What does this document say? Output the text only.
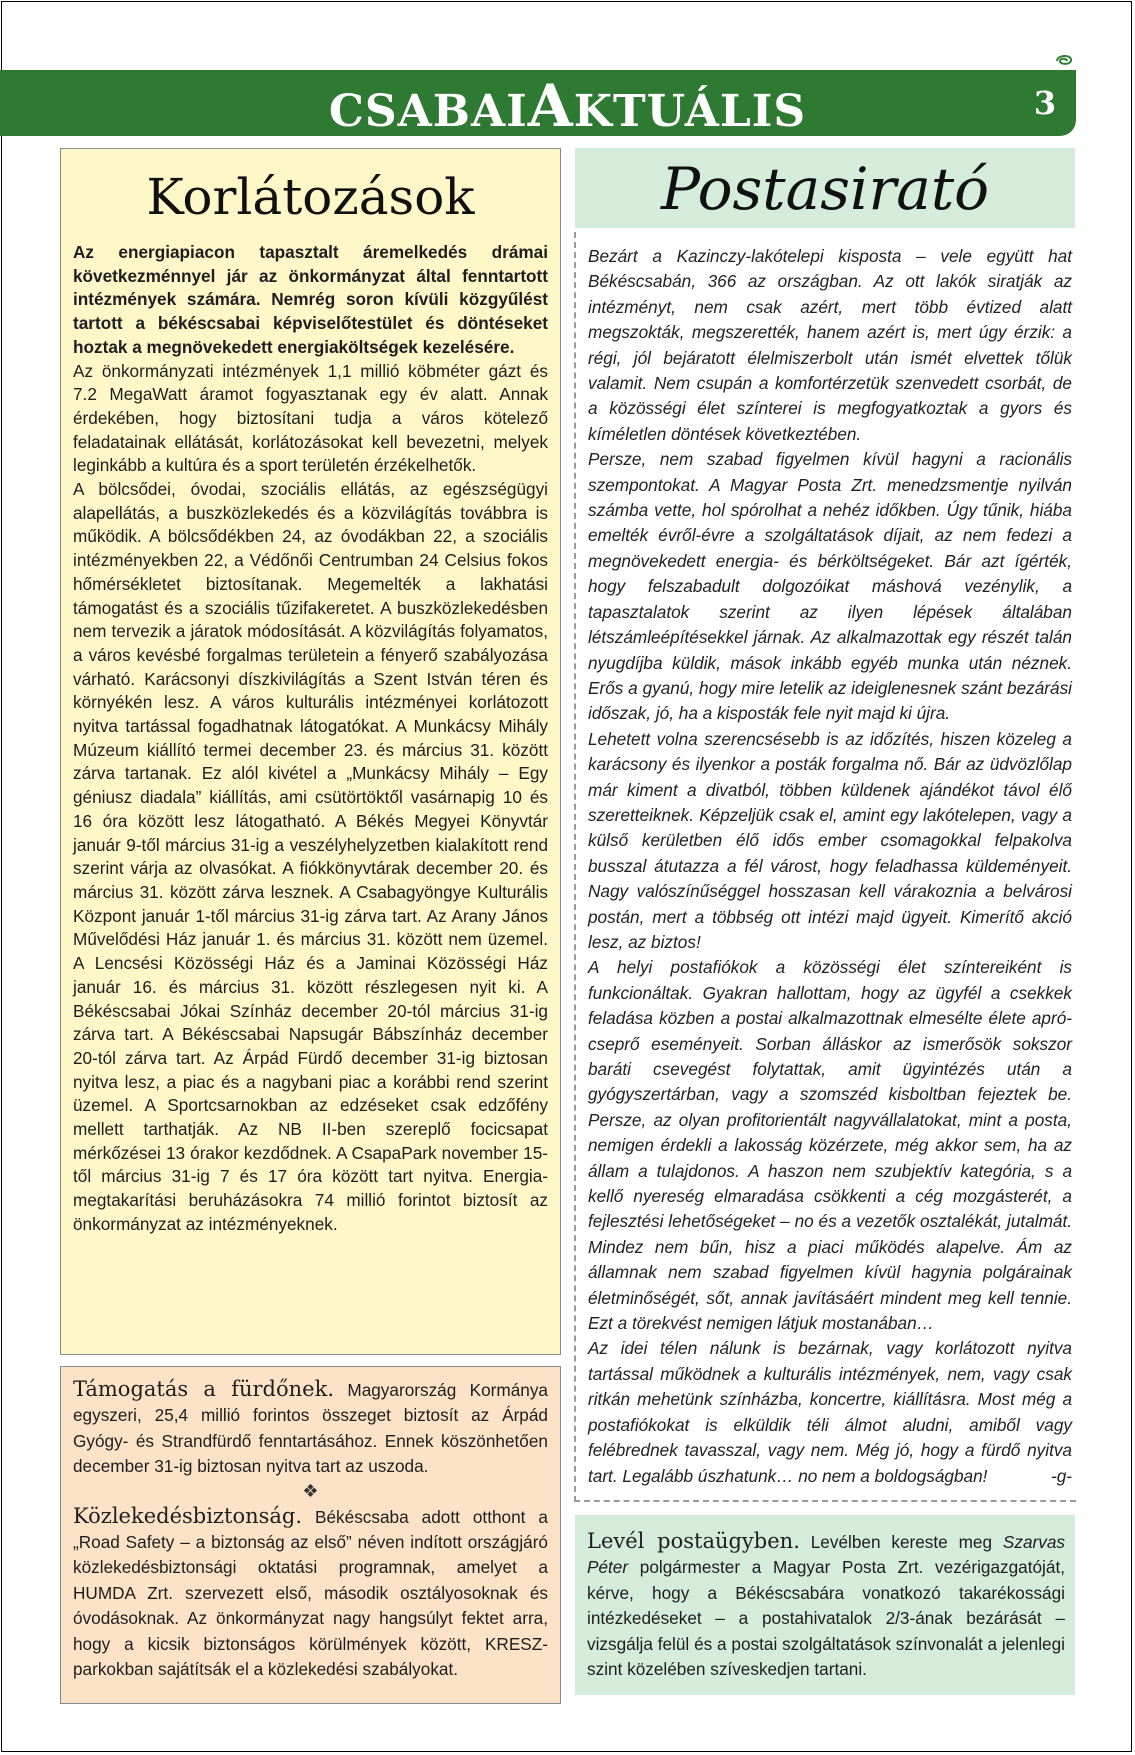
CSABAIAKTUÁLIS	3
Korlátozások

Az energiapiacon tapasztalt áremelkedés drámai következménnyel jár az önkormányzat által fenntartott intézmények számára. Nemrég soron kívüli közgyűlést tartott a békéscsabai képviselőtestület és döntéseket hoztak a megnövekedett energiaköltségek kezelésére.

Az önkormányzati intézmények 1,1 millió köbméter gázt és 7.2 MegaWatt áramot fogyasztanak egy év alatt. Annak érdekében, hogy biztosítani tudja a város kötelező feladatainak ellátását, korlátozásokat kell bevezetni, melyek leginkább a kultúra és a sport területén érzékelhetők.

A bölcsődei, óvodai, szociális ellátás, az egészségügyi alapellátás, a buszközlekedés és a közvilágítás továbbra is működik. A bölcsődékben 24, az óvodákban 22, a szociális intézményekben 22, a Védőnői Centrumban 24 Celsius fokos hőmérsékletet biztosítanak. Megemelték a lakhatási támogatást és a szociális tűzifakeretet. A buszközlekedésben nem tervezik a járatok módosítását. A közvilágítás folyamatos, a város kevésbé forgalmas területein a fényerő szabályozása várható. Karácsonyi díszkivilágítás a Szent István téren és környékén lesz. A város kulturális intézményei korlátozott nyitva tartással fogadhatnak látogatókat. A Munkácsy Mihály Múzeum kiállító termei december 23. és március 31. között zárva tartanak. Ez alól kivétel a „Munkácsy Mihály – Egy géniusz diadala” kiállítás, ami csütörtöktől vasárnapig 10 és 16 óra között lesz látogatható. A Békés Megyei Könyvtár január 9-től március 31-ig a veszélyhelyzetben kialakított rend szerint várja az olvasókat. A fiókkönyvtárak december 20. és március 31. között zárva lesznek. A Csabagyöngye Kulturális Központ január 1-től március 31-ig zárva tart. Az Arany János Művelődési Ház január 1. és március 31. között nem üzemel. A Lencsési Közösségi Ház és a Jaminai Közösségi Ház január 16. és március 31. között részlegesen nyit ki. A Békéscsabai Jókai Színház december 20-tól március 31-ig zárva tart. A Békéscsabai Napsugár Bábszínház december 20-tól zárva tart. Az Árpád Fürdő december 31-ig biztosan nyitva lesz, a piac és a nagybani piac a korábbi rend szerint üzemel. A Sportcsarnokban az edzéseket csak edzőfény mellett tarthatják. Az NB II-ben szereplő focicsapat mérkőzései 13 órakor kezdődnek. A CsapaPark november 15-től március 31-ig 7 és 17 óra között tart nyitva. Energia-megtakarítási beruházásokra 74 millió forintot biztosít az önkormányzat az intézményeknek.

Postasirató

Bezárt a Kazinczy-lakótelepi kisposta – vele együtt hat Békéscsabán, 366 az országban. Az ott lakók siratják az intézményt, nem csak azért, mert több évtized alatt megszokták, megszerették, hanem azért is, mert úgy érzik: a régi, jól bejáratott élelmiszerbolt után ismét elvettek tőlük valamit. Nem csupán a komfortérzetük szenvedett csorbát, de a közösségi élet színterei is megfogyatkoztak a gyors és kíméletlen döntések következtében.

Persze, nem szabad figyelmen kívül hagyni a racionális szempontokat. A Magyar Posta Zrt. menedzsmentje nyilván számba vette, hol spórolhat a nehéz időkben. Úgy tűnik, hiába emelték évről-évre a szolgáltatások díjait, az nem fedezi a megnövekedett energia- és bérköltségeket. Bár azt ígérték, hogy felszabadult dolgozóikat máshová vezénylik, a tapasztalatok szerint az ilyen lépések általában létszámleépítésekkel járnak. Az alkalmazottak egy részét talán nyugdíjba küldik, mások inkább egyéb munka után néznek. Erős a gyanú, hogy mire letelik az ideiglenesnek szánt bezárási időszak, jó, ha a kisposták fele nyit majd ki újra.

Lehetett volna szerencsésebb is az időzítés, hiszen közeleg a karácsony és ilyenkor a posták forgalma nő. Bár az üdvözlőlap már kiment a divatból, többen küldenek ajándékot távol élő szeretteiknek. Képzeljük csak el, amint egy lakótelepen, vagy a külső kerületben élő idős ember csomagokkal felpakolva busszal átutazza a fél várost, hogy feladhassa küldeményeit. Nagy valószínűséggel hosszasan kell várakoznia a belvárosi postán, mert a többség ott intézi majd ügyeit. Kimerítő akció lesz, az biztos!

A helyi postafiókok a közösségi élet színtereiként is funkcionáltak. Gyakran hallottam, hogy az ügyfél a csekkek feladása közben a postai alkalmazottnak elmesélte élete apró-cseprő eseményeit. Sorban álláskor az ismerősök sokszor baráti csevegést folytattak, amit ügyintézés után a gyógyszertárban, vagy a szomszéd kisboltban fejeztek be. Persze, az olyan profitorientált nagyvállalatokat, mint a posta, nemigen érdekli a lakosság közérzete, még akkor sem, ha az állam a tulajdonos. A haszon nem szubjektív kategória, s a kellő nyereség elmaradása csökkenti a cég mozgásterét, a fejlesztési lehetőségeket – no és a vezetők osztalékát, jutalmát. Mindez nem bűn, hisz a piaci működés alapelve. Ám az államnak nem szabad figyelmen kívül hagynia polgárainak életminőségét, sőt, annak javításáért mindent meg kell tennie. Ezt a törekvést nemigen látjuk mostanában…

Az idei télen nálunk is bezárnak, vagy korlátozott nyitva tartással működnek a kulturális intézmények, nem, vagy csak ritkán mehetünk színházba, koncertre, kiállításra. Most még a postafiókokat is elküldik téli álmot aludni, amiből vagy felébrednek tavasszal, vagy nem. Még jó, hogy a fürdő nyitva tart. Legalább úszhatunk… no nem a boldogságban!	-g-

Támogatás a fürdőnek. Magyarország Kormánya egyszeri, 25,4 millió forintos összeget biztosít az Árpád Gyógy- és Strandfürdő fenntartásához. Ennek köszönhetően december 31-ig biztosan nyitva tart az uszoda.

❖

Közlekedésbiztonság. Békéscsaba adott otthont a „Road Safety – a biztonság az első” néven indított országjáró közlekedésbiztonsági oktatási programnak, amelyet a HUMDA Zrt. szervezett első, második osztályosoknak és óvodásoknak. Az önkormányzat nagy hangsúlyt fektet arra, hogy a kicsik biztonságos körülmények között, KRESZ-parkokban sajátítsák el a közlekedési szabályokat.

Levél postaügyben. Levélben kereste meg Szarvas Péter polgármester a Magyar Posta Zrt. vezérigazgatóját, kérve, hogy a Békéscsabára vonatkozó takarékossági intézkedéseket – a postahivatalok 2/3-ának bezárását – vizsgálja felül és a postai szolgáltatások színvonalát a jelenlegi szint közelében szíveskedjen tartani.
